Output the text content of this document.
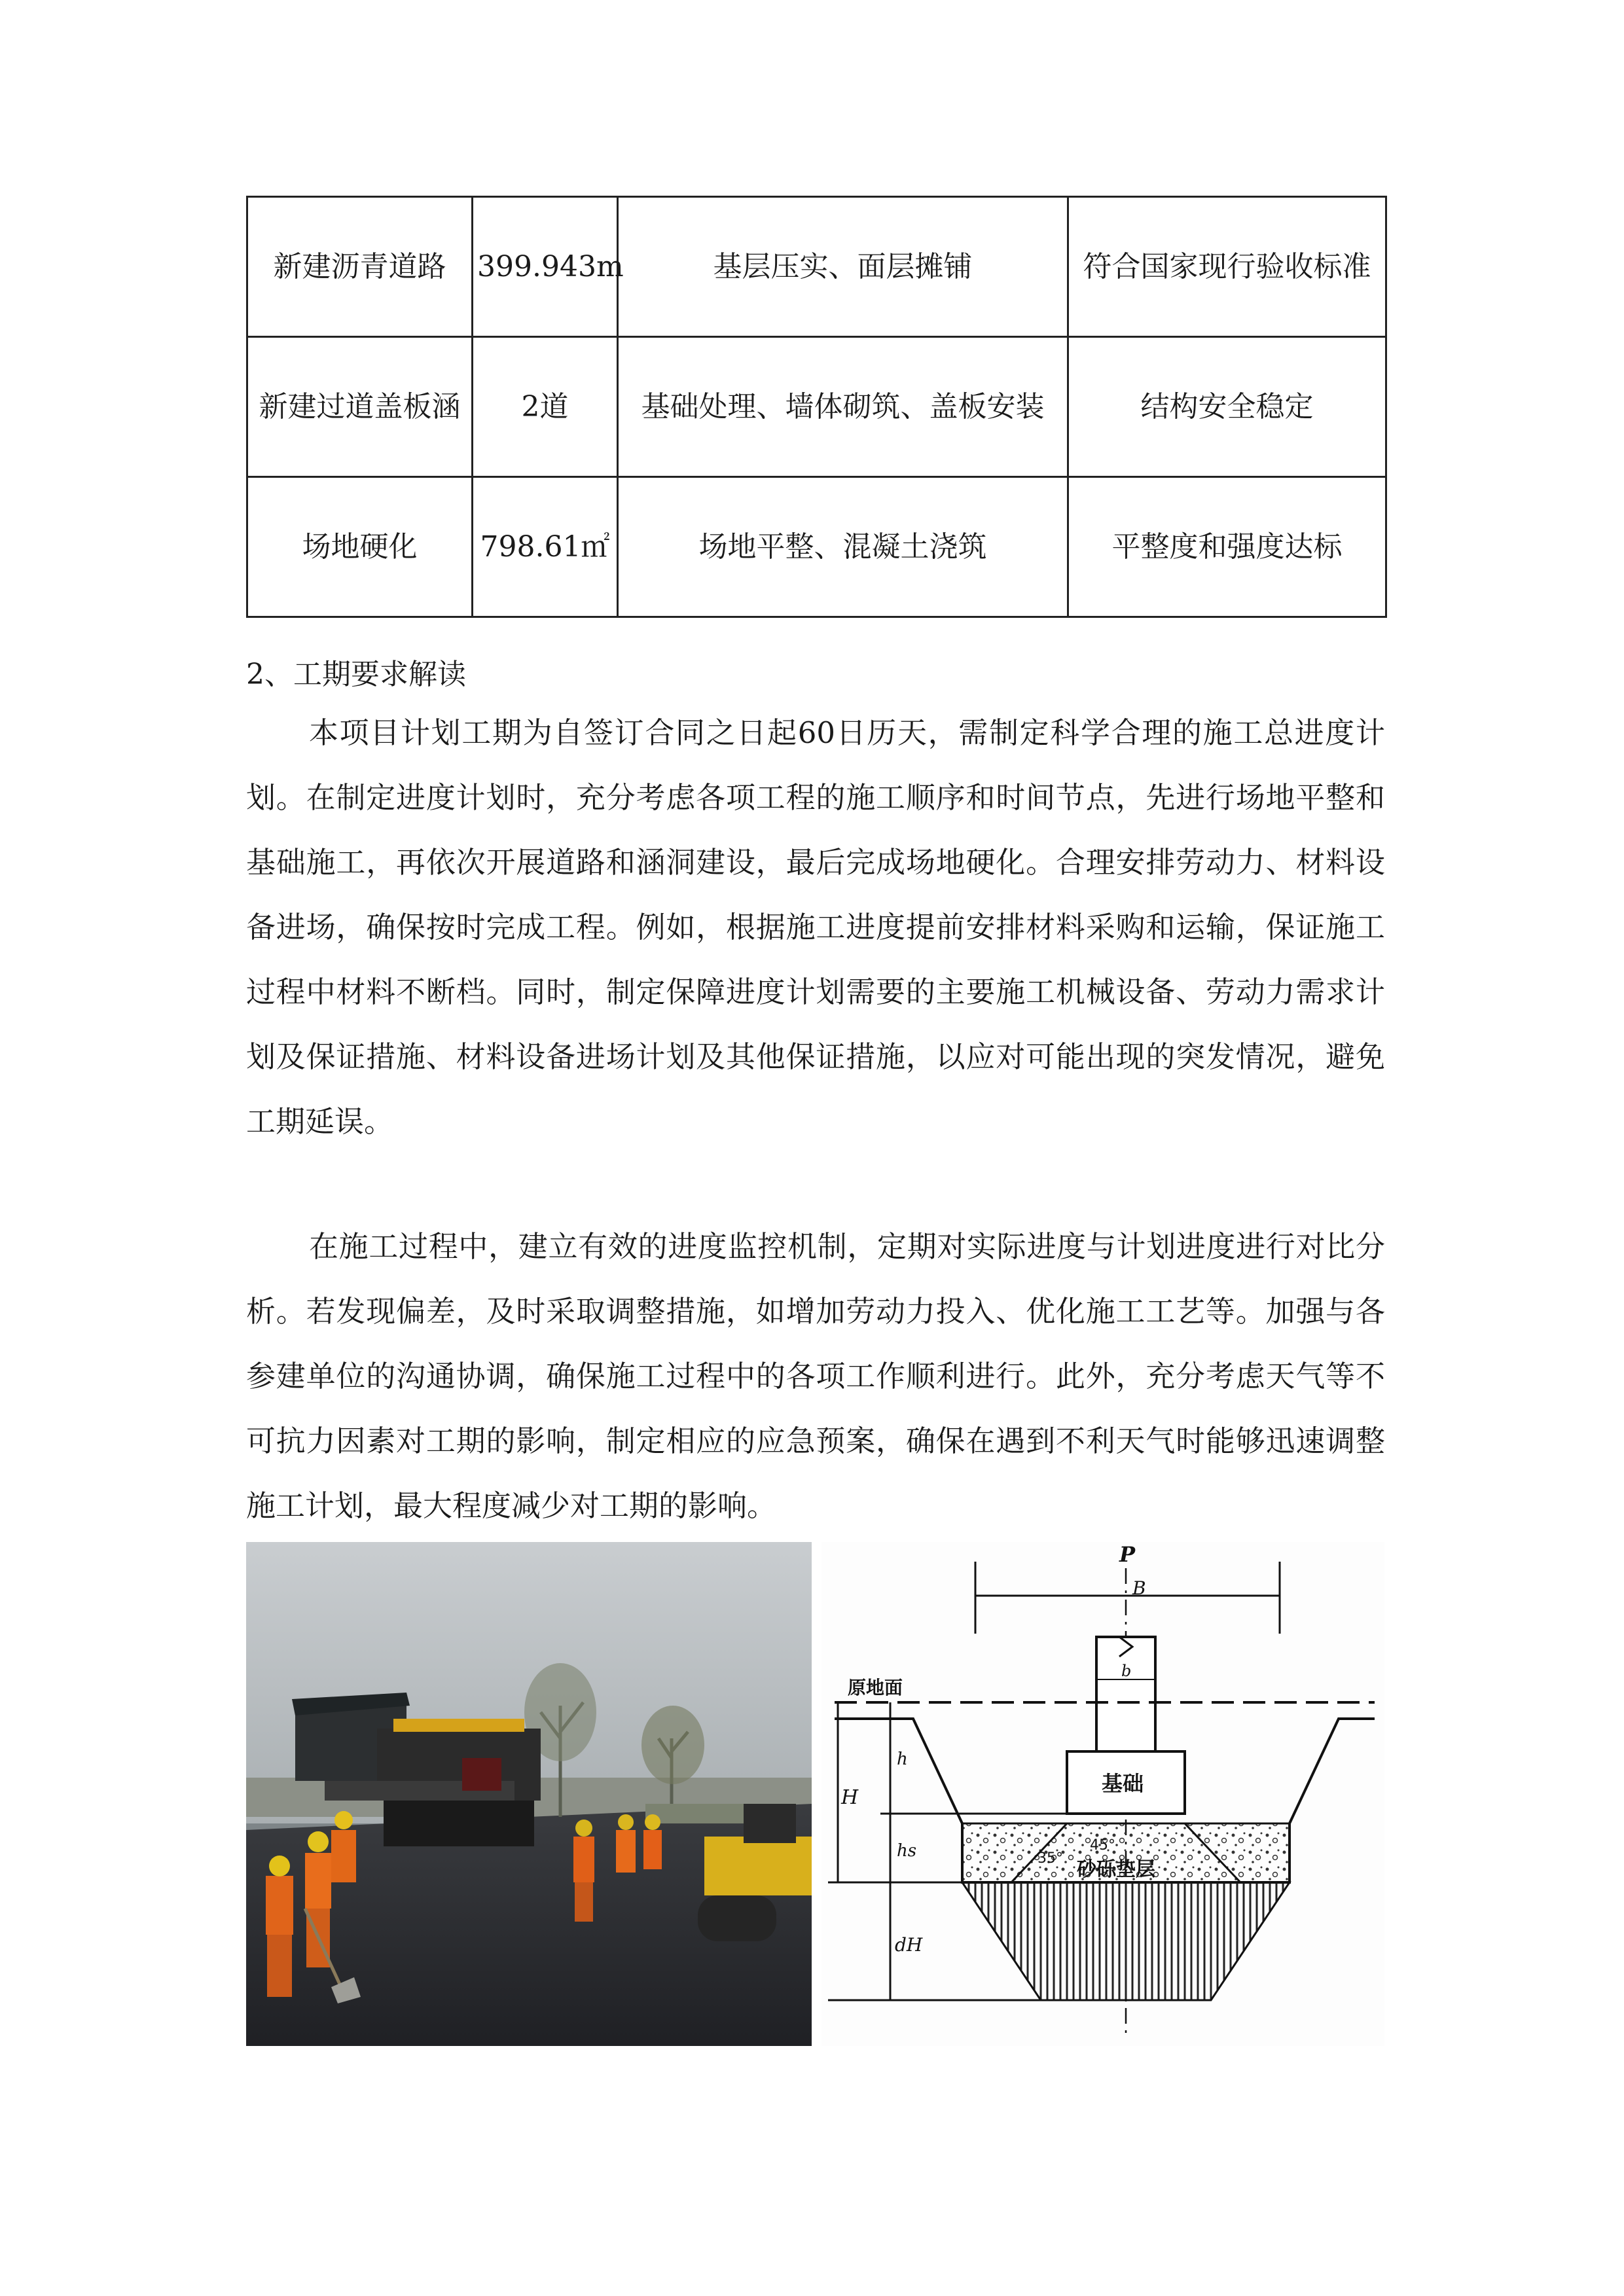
新建沥青道路	399.943m	基层压实、面层摊铺	符合国家现行验收标准
新建过道盖板涵	2道	基础处理、墙体砌筑、盖板安装	结构安全稳定
场地硬化	798.61㎡	场地平整、混凝土浇筑	平整度和强度达标
2、工期要求解读

本项目计划工期为自签订合同之日起60日历天，需制定科学合理的施工总进度计划。在制定进度计划时，充分考虑各项工程的施工顺序和时间节点，先进行场地平整和基础施工，再依次开展道路和涵洞建设，最后完成场地硬化。合理安排劳动力、材料设备进场，确保按时完成工程。例如，根据施工进度提前安排材料采购和运输，保证施工过程中材料不断档。同时，制定保障进度计划需要的主要施工机械设备、劳动力需求计划及保证措施、材料设备进场计划及其他保证措施，以应对可能出现的突发情况，避免工期延误。

在施工过程中，建立有效的进度监控机制，定期对实际进度与计划进度进行对比分析。若发现偏差，及时采取调整措施，如增加劳动力投入、优化施工工艺等。加强与各参建单位的沟通协调，确保施工过程中的各项工作顺利进行。此外，充分考虑天气等不可抗力因素对工期的影响，制定相应的应急预案，确保在遇到不利天气时能够迅速调整施工计划，最大程度减少对工期的影响。

P
B
b
原地面
基础
35°
45°
砂砾垫层
H
h
hs
dH
